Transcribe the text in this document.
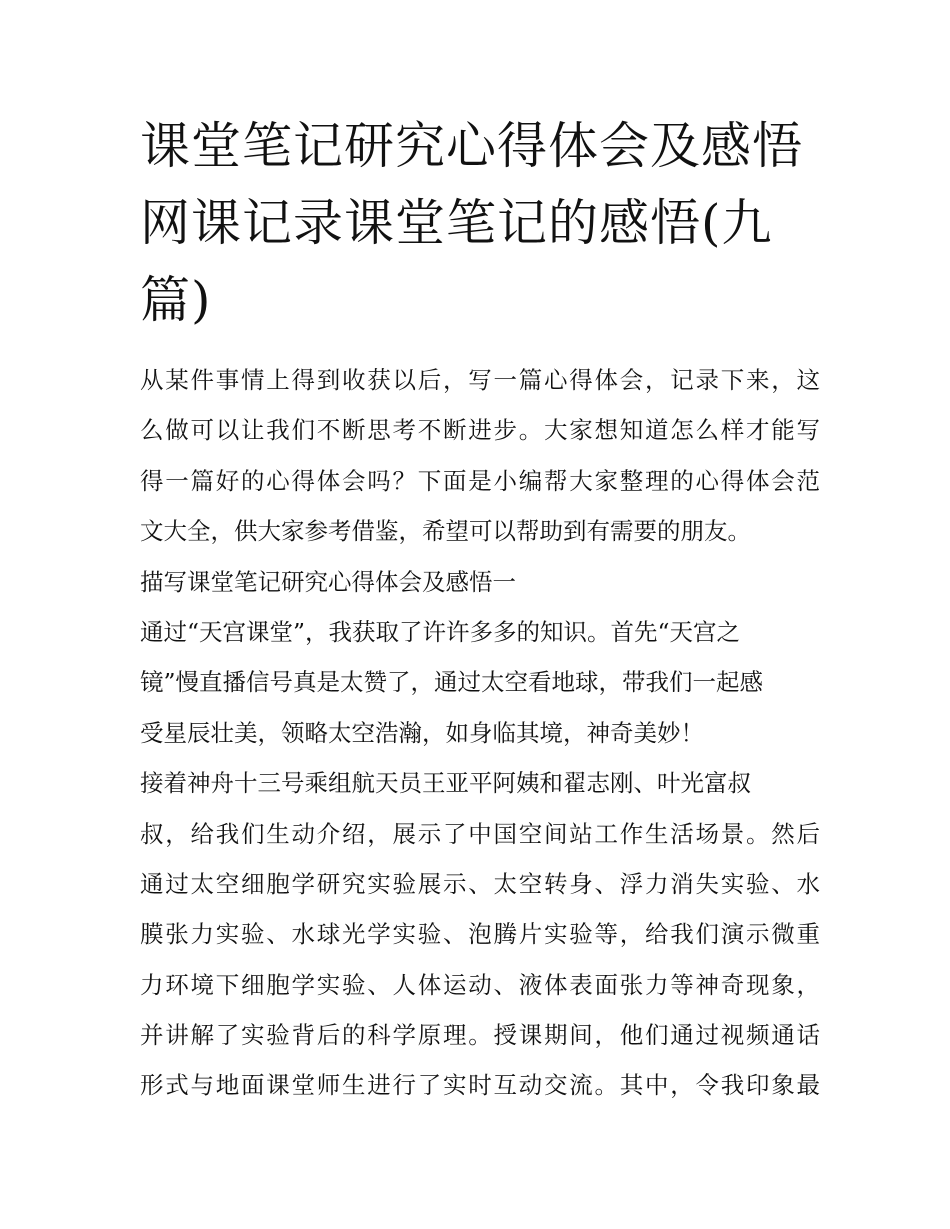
课堂笔记研究心得体会及感悟
网课记录课堂笔记的感悟(九
篇)
从某件事情上得到收获以后，写一篇心得体会，记录下来，这
么做可以让我们不断思考不断进步。大家想知道怎么样才能写
得一篇好的心得体会吗？下面是小编帮大家整理的心得体会范
文大全，供大家参考借鉴，希望可以帮助到有需要的朋友。
描写课堂笔记研究心得体会及感悟一
通过“天宫课堂”，我获取了许许多多的知识。首先“天宫之
镜”慢直播信号真是太赞了，通过太空看地球，带我们一起感
受星辰壮美，领略太空浩瀚，如身临其境，神奇美妙！
接着神舟十三号乘组航天员王亚平阿姨和翟志刚、叶光富叔
叔，给我们生动介绍，展示了中国空间站工作生活场景。然后
通过太空细胞学研究实验展示、太空转身、浮力消失实验、水
膜张力实验、水球光学实验、泡腾片实验等，给我们演示微重
力环境下细胞学实验、人体运动、液体表面张力等神奇现象，
并讲解了实验背后的科学原理。授课期间，他们通过视频通话
形式与地面课堂师生进行了实时互动交流。其中，令我印象最
